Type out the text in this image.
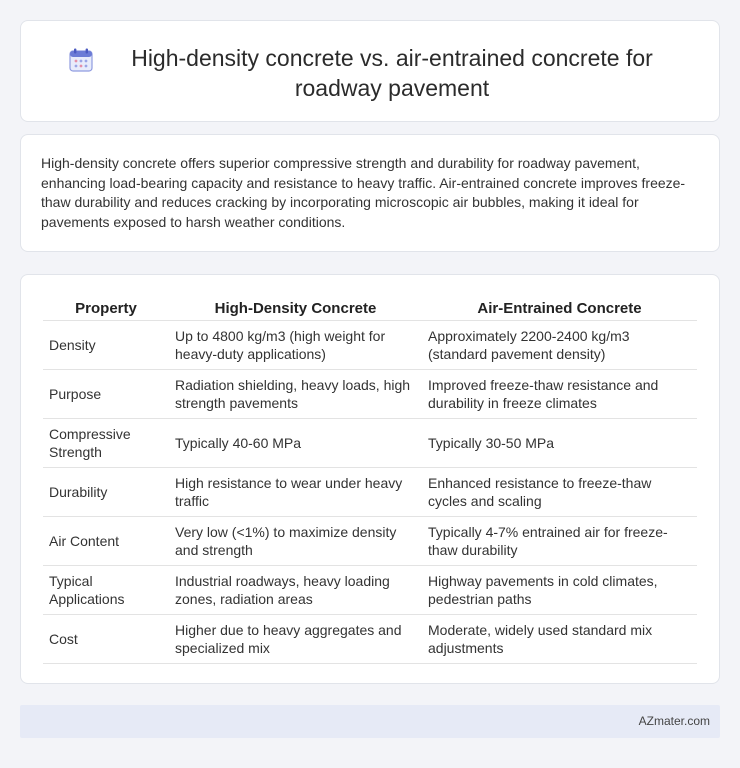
High-density concrete vs. air-entrained concrete for roadway pavement

High-density concrete offers superior compressive strength and durability for roadway pavement, enhancing load-bearing capacity and resistance to heavy traffic. Air-entrained concrete improves freeze-thaw durability and reduces cracking by incorporating microscopic air bubbles, making it ideal for pavements exposed to harsh weather conditions.

Property	High-Density Concrete	Air-Entrained Concrete
Density	Up to 4800 kg/m3 (high weight for heavy-duty applications)	Approximately 2200-2400 kg/m3 (standard pavement density)
Purpose	Radiation shielding, heavy loads, high strength pavements	Improved freeze-thaw resistance and durability in freeze climates
Compressive Strength	Typically 40-60 MPa	Typically 30-50 MPa
Durability	High resistance to wear under heavy traffic	Enhanced resistance to freeze-thaw cycles and scaling
Air Content	Very low (<1%) to maximize density and strength	Typically 4-7% entrained air for freeze-thaw durability
Typical Applications	Industrial roadways, heavy loading zones, radiation areas	Highway pavements in cold climates, pedestrian paths
Cost	Higher due to heavy aggregates and specialized mix	Moderate, widely used standard mix adjustments
AZmater.com
